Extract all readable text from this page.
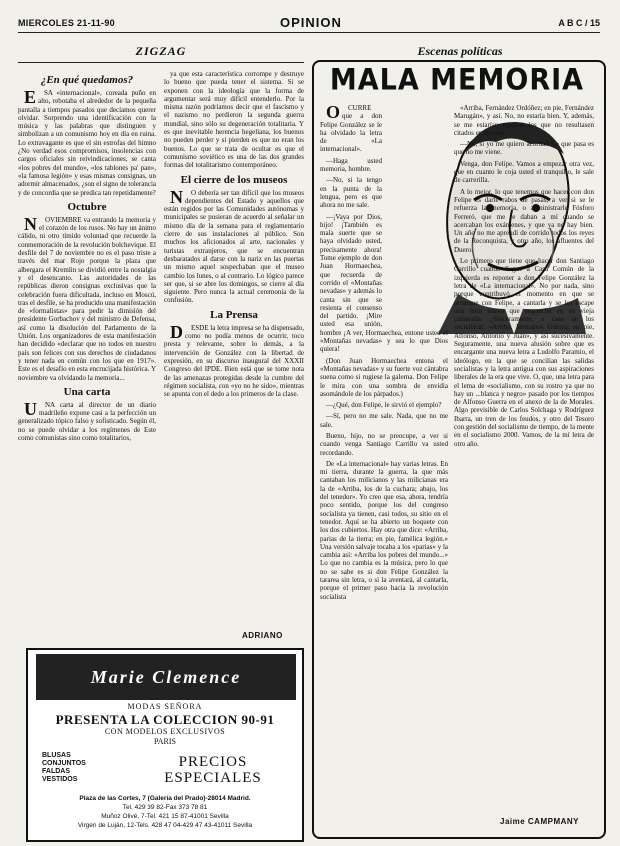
MIERCOLES 21-11-90	OPINION	A B C / 15
ZIGZAG
¿En qué quedamos?

E SA «internacional», coreada puño en alto, rebotaba el alrededor de la pequeña pantalla a tiempos pasados que decíamos querer olvidar. Sorprendo una identificación con la música y las palabras que distinguen y simbolizan a un comunismo hoy en día en ruina. Lo extravagante es que el sin estrofas del himno ¿No verdad esos compromisos, insolencias con cargos oficiales sin reivindicaciones, se canta «los pobres del mundo», «los tablones pa' pan», «la famosa legión» y esas mismas consignas, un adormir almacenados, ¿son el signo de tolerancia y de concordia que se predica tan repetidamente?

Octubre

N OVIEMBRE va entrando la memoria y el corazón de los rusos. No hay un ánimo cálido, ni otro tímido voluntad que recuerde la conmemoración de la revolución bolchevique. El desfile del 7 de noviembre no es el paso triste a través del mar Rojo porque la plaza que albergara el Kremlin se dividió entre la nostalgia y el desencanto. Las autoridades de las repúblicas dieron consignas exclusivas que la celebración fuera dificultada, incluso en Moscú, tras el desfile, se ha producido una manifestación de «formalistas» para pedir la dimisión del presidente Gorbachov y del ministro de Defensa, así como la disolución del Parlamento de la Unión. Los organizadores de esta manifestación han decidido «declarar que no todos en nuestro país son felices con sus derechos de ciudadanos y tener nada en común con los que en 1917». Este es el desafío en esta encrucijada histórica. Y noviembre va olvidando la memoria...

Una carta

U NA carta al director de un diario madrileño expone casi a la perfección un generalizado tópico falso y sofisticado. Según él, no se puede olvidar a los regímenes de Este como comunistas sino como totalitarios,

ya que esta característica corrompe y destruye lo bueno que pueda tener el sistema. Si se exponen con la ideología que la forma de argumentar será muy difícil entenderlo. Por la misma razón podríamos decir que el fascismo y el nazismo no perdieron la segunda guerra mundial, sino sólo su degeneración totalitaria. Y es que inevitable herencia hegeliana, los buenos no pueden perder y si pierden es que no eran los buenos. Lo que se trata de ocultar es que el comunismo soviético es una de las dos grandes formas del totalitarismo contemporáneo.

El cierre de los museos

N O debería ser tan difícil que los museos dependientes del Estado y aquellos que están regidos por las Comunidades autónomas y municipales se pusieran de acuerdo al señalar un mismo día de la semana para el reglamentario cierre de sus instalaciones al público. Son muchos los aficionados al arte, nacionales y turistas extranjeros, que se encuentran desbaratados al darse con la nariz en las puertas un mismo aquel sospechaban que el museo cambio los lunes, o al contrario. Lo lógico parece ser que, si se abre los domingos, se cierre al día siguiente. Pero nunca la actual ceremonia de la confusión.

La Prensa

D ESDE la letra impresa se ha dispensado, como no podía menos de ocurrir, toco presta y relevante, sobre lo demás, a la intervención de González con la libertad de expresión, en su discurso inaugural del XXXII Congreso del IPDE. Bien está que se tome nota de las amenazas protegidas desde la cumbre del régimen socialista, con «yo no he sido», mientras se apunta con el dedo a los primeros de la clase.

ADRIANO
Marie Clemence
MODAS SEÑORA
PRESENTA LA COLECCION 90-91
CON MODELOS EXCLUSIVOS
PARIS
BLUSAS
CONJUNTOS
FALDAS
VESTIDOS
PRECIOS ESPECIALES
Plaza de las Cortes, 7 (Galería del Prado)-28014 Madrid.
Tel. 429 39 82-Fax 373 78 81
Muñoz Olivé, 7-Tel. 421 15 87-41001 Sevilla
Virgen de Luján, 12-Tels. 428 47 04-429 47 43-41011 Sevilla
Escenas políticas
MALA MEMORIA

O CURRE que a don Felipe González se le ha olvidado la letra de «La internacional».

—Haga usted memoria, hombre.

—No, si la tengo en la punta de la lengua, pero es que ahora no me sale.

—¡Vaya por Dios, hijo! ¡También es mala suerte que se haya olvidado usted, precisamente ahora! Tome ejemplo de don Juan Hormaechea, que recuerda de corrido el «Montañas nevadas» y además lo canta sin que se resienta el consenso del partido. ¡Mire usted esa unión, hombre ¡A ver, Hormaechea, entone usted el «Montañas nevadas» y sea lo que Dios quiera!

(Don Juan Hormaechea entona el «Montañas nevadas» y su fuerte voz cántabra suena como si rugiese la galerna. Don Felipe le mira con una sombra de envidia asomándole de los párpados.)

—¿Qué, don Felipe, le sirvió el ejemplo?

—Sí, pero no me sale. Nada, que no me sale.

Bueno, hijo, no se preocupe, a ver si cuando venga Santiago Carrillo va usted recordando.

De «La internacional» hay varias letras. En mi tierra, durante la guerra, la que más cantaban los milicianos y las milicianas era la de «Arriba, los de la cuchara; abajo, los del tenedor». Yo creo que esa, ahora, tendría poco sentido, porque los del congreso socialista ya tienen, casi todos, su sitio en el tenedor. Aquí se ha abierto un boquete con los dos cubiertos. Hay otra que dice: «Arriba, parias de la tierra; en pie, famélica legión.» Una versión salvaje tocaba a los «parias» y la cambia así: «Arriba los pobres del mundo...» Lo que no cambia es la música, pero lo que no se sabe es si don Felipe González la tararea sin letra, o si la aventará, al cantarla, porque el primer paso hacia la revolución socialista

«Arriba, Fernández Ordóñez; en pie, Fernández Marugán», y así. No, no estaría bien. Y, además, se me estarían muchos los que no resultasen citados en el texto.

—No, si yo me quiero acordar. Lo que pasa es que no me viene.

Venga, don Felipe. Vamos a empezar otra vez, que en cuanto le coja usted el tranquillo, le sale de carrerilla.

A lo mejor, lo que tenemos que hacer con don Felipe es darle rabos de pasas, a ver si se le refuerza la memoria, o administrarle Fósforo Ferreró, que me le daban a mí cuando se acercaban los exámenes, y que ya no hay bien. Un año no me aprendí de corrido todos los reyes de la Reconquista, y otro año, los afluentes del Duero.

Lo primero que tiene que hacer don Santiago Carrillo cuando llegue a Casa Común de la izquierda es reponer a don Felipe González la letra de «La internacional». No por nada, sino porque contribuyó el momento en que se arranque con Felipe, a cantarla y se les escape una letra nueva que enganche en su vieja camarada. ¿Sinceramente, a casa de los socialistas: «Arriba, hermanos Guerra; en pie, Alfonso, Antonio y Juan», y así sucesivamente. Seguramente, una nueva alusión sobre que es encargante una nueva letra a Ludolfo Paramio, el ideólogo, en la que se concilian las salidas socialistas y la letra antigua con sus aspiraciones liberales de la era que vive. O, que, una letra para el lema de «socialismo, con su rostro ya que no hay un ...blanca y negro» pasado por los tiempos de Alfonso Guerra en el anexo de la de Morales. Algo previsible de Carlos Solchaga y Rodríguez Ibarra, un tren de los feudos, y otro del Tesoro con gestión del socialismo de tiempo, de la mente en el socialismo 2000. Vamos, de la mí letra de otro año.

Jaime CAMPMANY
